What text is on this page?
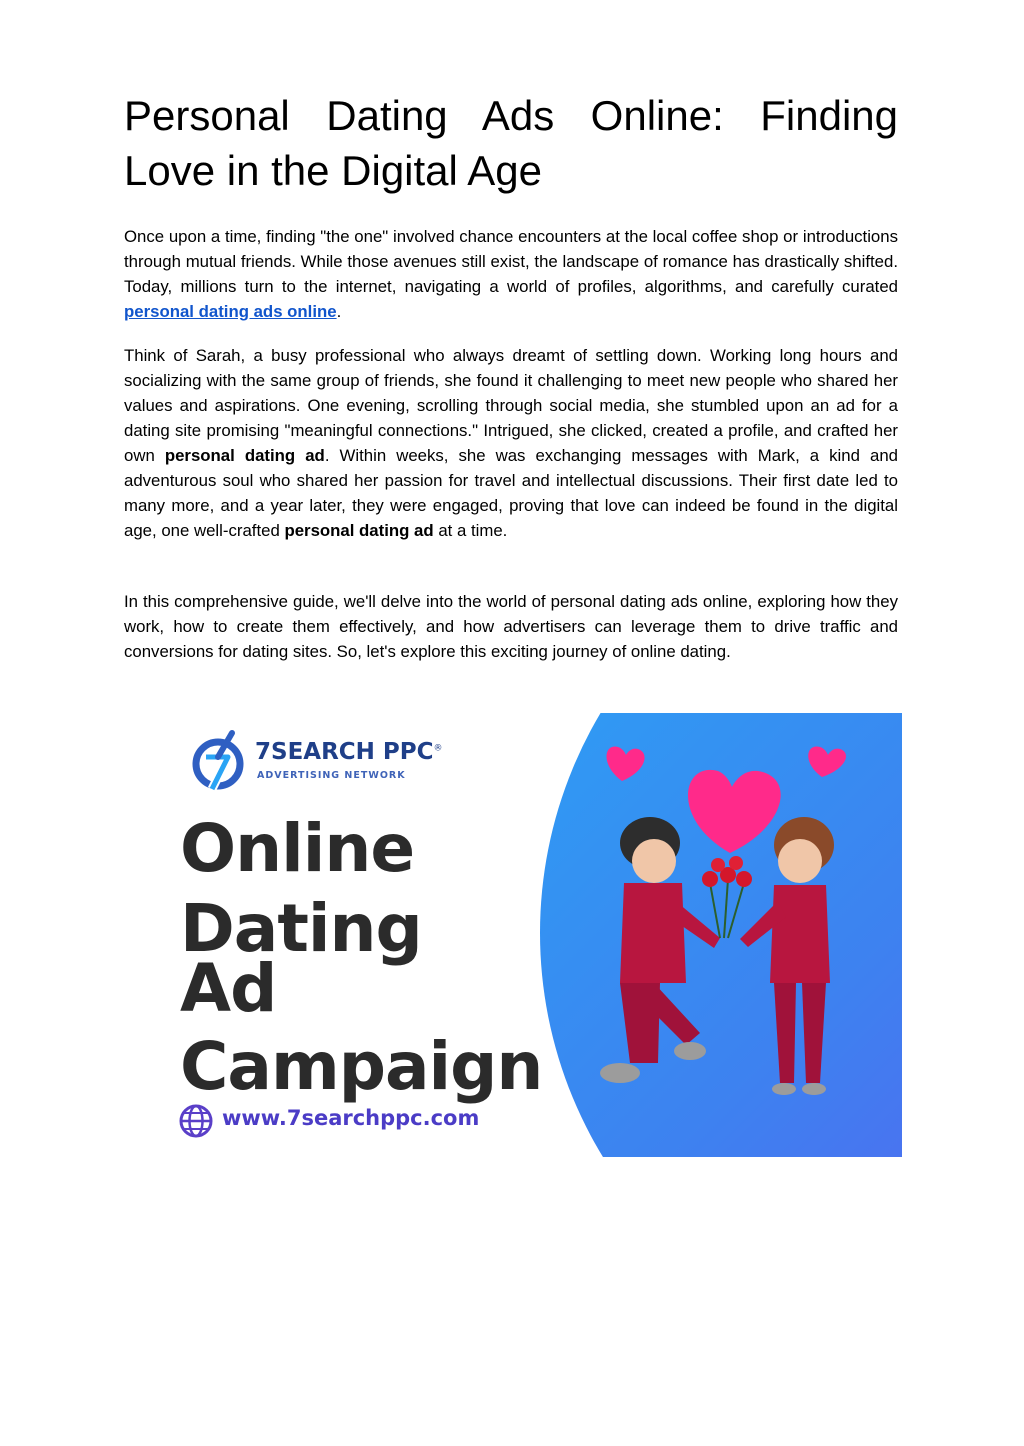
Personal Dating Ads Online: Finding Love in the Digital Age

Once upon a time, finding "the one" involved chance encounters at the local coffee shop or introductions through mutual friends. While those avenues still exist, the landscape of romance has drastically shifted. Today, millions turn to the internet, navigating a world of profiles, algorithms, and carefully curated personal dating ads online.

Think of Sarah, a busy professional who always dreamt of settling down. Working long hours and socializing with the same group of friends, she found it challenging to meet new people who shared her values and aspirations. One evening, scrolling through social media, she stumbled upon an ad for a dating site promising "meaningful connections." Intrigued, she clicked, created a profile, and crafted her own personal dating ad. Within weeks, she was exchanging messages with Mark, a kind and adventurous soul who shared her passion for travel and intellectual discussions. Their first date led to many more, and a year later, they were engaged, proving that love can indeed be found in the digital age, one well-crafted personal dating ad at a time.

In this comprehensive guide, we'll delve into the world of personal dating ads online, exploring how they work, how to create them effectively, and how advertisers can leverage them to drive traffic and conversions for dating sites. So, let's explore this exciting journey of online dating.

7SEARCH PPC®
ADVERTISING NETWORK
Online
Dating
Ad
Campaign
www.7searchppc.com
